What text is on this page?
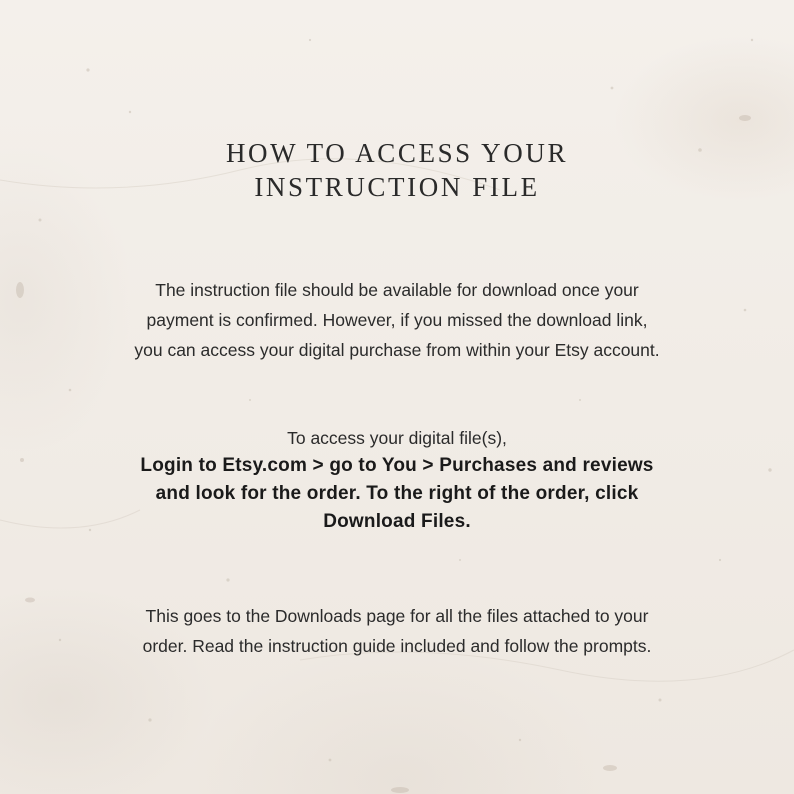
HOW TO ACCESS YOUR
INSTRUCTION FILE

The instruction file should be available for download once your
payment is confirmed. However, if you missed the download link,
you can access your digital purchase from within your Etsy account.

To access your digital file(s),
Login to Etsy.com > go to You > Purchases and reviews
and look for the order. To the right of the order, click
Download Files.

This goes to the Downloads page for all the files attached to your
order. Read the instruction guide included and follow the prompts.
